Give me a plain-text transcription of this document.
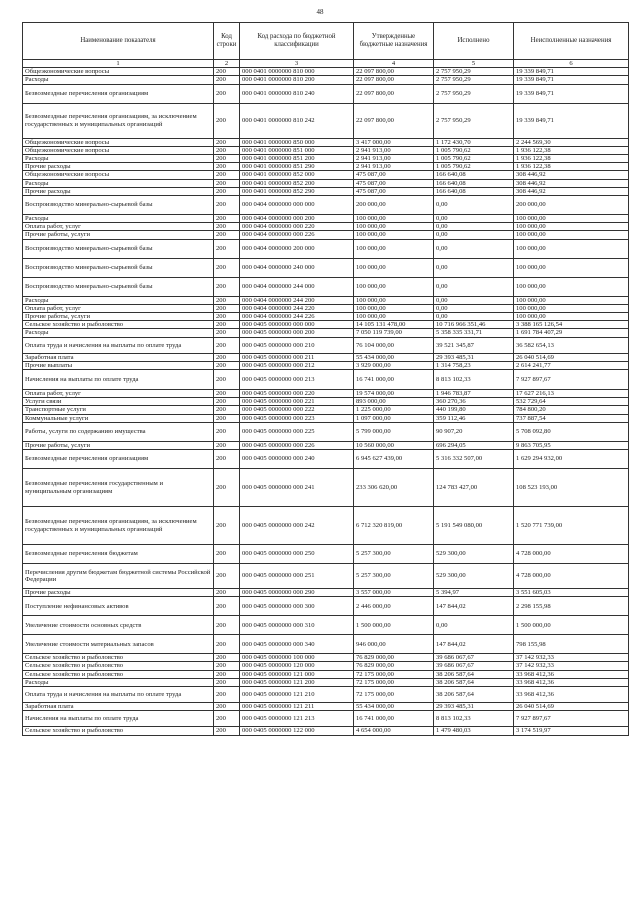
48
Наименование показателя	Код строки	Код расхода по бюджетной классификации	Утвержденные бюджетные назначения	Исполнено	Неисполненные назначения
1	2	3	4	5	6
Общеэкономические вопросы	200	000 0401 0000000 810 000	22 097 800,00	2 757 950,29	19 339 849,71
Расходы	200	000 0401 0000000 810 200	22 097 800,00	2 757 950,29	19 339 849,71
Безвозмездные перечисления организациям	200	000 0401 0000000 810 240	22 097 800,00	2 757 950,29	19 339 849,71
Безвозмездные перечисления организациям, за исключением государственных и муниципальных организаций	200	000 0401 0000000 810 242	22 097 800,00	2 757 950,29	19 339 849,71
Общеэкономические вопросы	200	000 0401 0000000 850 000	3 417 000,00	1 172 430,70	2 244 569,30
Общеэкономические вопросы	200	000 0401 0000000 851 000	2 941 913,00	1 005 790,62	1 936 122,38
Расходы	200	000 0401 0000000 851 200	2 941 913,00	1 005 790,62	1 936 122,38
Прочие расходы	200	000 0401 0000000 851 290	2 941 913,00	1 005 790,62	1 936 122,38
Общеэкономические вопросы	200	000 0401 0000000 852 000	475 087,00	166 640,08	308 446,92
Расходы	200	000 0401 0000000 852 200	475 087,00	166 640,08	308 446,92
Прочие расходы	200	000 0401 0000000 852 290	475 087,00	166 640,08	308 446,92
Воспроизводство минерально-сырьевой базы	200	000 0404 0000000 000 000	200 000,00	0,00	200 000,00
Расходы	200	000 0404 0000000 000 200	100 000,00	0,00	100 000,00
Оплата работ, услуг	200	000 0404 0000000 000 220	100 000,00	0,00	100 000,00
Прочие работы, услуги	200	000 0404 0000000 000 226	100 000,00	0,00	100 000,00
Воспроизводство минерально-сырьевой базы	200	000 0404 0000000 200 000	100 000,00	0,00	100 000,00
Воспроизводство минерально-сырьевой базы	200	000 0404 0000000 240 000	100 000,00	0,00	100 000,00
Воспроизводство минерально-сырьевой базы	200	000 0404 0000000 244 000	100 000,00	0,00	100 000,00
Расходы	200	000 0404 0000000 244 200	100 000,00	0,00	100 000,00
Оплата работ, услуг	200	000 0404 0000000 244 220	100 000,00	0,00	100 000,00
Прочие работы, услуги	200	000 0404 0000000 244 226	100 000,00	0,00	100 000,00
Сельское хозяйство и рыболовство	200	000 0405 0000000 000 000	14 105 131 478,00	10 716 966 351,46	3 388 165 126,54
Расходы	200	000 0405 0000000 000 200	7 050 119 739,00	5 358 335 331,71	1 691 784 407,29
Оплата труда и начисления на выплаты по оплате труда	200	000 0405 0000000 000 210	76 104 000,00	39 521 345,87	36 582 654,13
Заработная плата	200	000 0405 0000000 000 211	55 434 000,00	29 393 485,31	26 040 514,69
Прочие выплаты	200	000 0405 0000000 000 212	3 929 000,00	1 314 758,23	2 614 241,77
Начисления на выплаты по оплате труда	200	000 0405 0000000 000 213	16 741 000,00	8 813 102,33	7 927 897,67
Оплата работ, услуг	200	000 0405 0000000 000 220	19 574 000,00	1 946 783,87	17 627 216,13
Услуги связи	200	000 0405 0000000 000 221	893 000,00	360 270,36	532 729,64
Транспортные услуги	200	000 0405 0000000 000 222	1 225 000,00	440 199,80	784 800,20
Коммунальные услуги	200	000 0405 0000000 000 223	1 097 000,00	359 112,46	737 887,54
Работы, услуги по содержанию имущества	200	000 0405 0000000 000 225	5 799 000,00	90 907,20	5 708 092,80
Прочие работы, услуги	200	000 0405 0000000 000 226	10 560 000,00	696 294,05	9 863 705,95
Безвозмездные перечисления организациям	200	000 0405 0000000 000 240	6 945 627 439,00	5 316 332 507,00	1 629 294 932,00
Безвозмездные перечисления государственным и муниципальным организациям	200	000 0405 0000000 000 241	233 306 620,00	124 783 427,00	108 523 193,00
Безвозмездные перечисления организациям, за исключением государственных и муниципальных организаций	200	000 0405 0000000 000 242	6 712 320 819,00	5 191 549 080,00	1 520 771 739,00
Безвозмездные перечисления бюджетам	200	000 0405 0000000 000 250	5 257 300,00	529 300,00	4 728 000,00
Перечисления другим бюджетам бюджетной системы Российской Федерации	200	000 0405 0000000 000 251	5 257 300,00	529 300,00	4 728 000,00
Прочие расходы	200	000 0405 0000000 000 290	3 557 000,00	5 394,97	3 551 605,03
Поступление нефинансовых активов	200	000 0405 0000000 000 300	2 446 000,00	147 844,02	2 298 155,98
Увеличение стоимости основных средств	200	000 0405 0000000 000 310	1 500 000,00	0,00	1 500 000,00
Увеличение стоимости материальных запасов	200	000 0405 0000000 000 340	946 000,00	147 844,02	798 155,98
Сельское хозяйство и рыболовство	200	000 0405 0000000 100 000	76 829 000,00	39 686 067,67	37 142 932,33
Сельское хозяйство и рыболовство	200	000 0405 0000000 120 000	76 829 000,00	39 686 067,67	37 142 932,33
Сельское хозяйство и рыболовство	200	000 0405 0000000 121 000	72 175 000,00	38 206 587,64	33 968 412,36
Расходы	200	000 0405 0000000 121 200	72 175 000,00	38 206 587,64	33 968 412,36
Оплата труда и начисления на выплаты по оплате труда	200	000 0405 0000000 121 210	72 175 000,00	38 206 587,64	33 968 412,36
Заработная плата	200	000 0405 0000000 121 211	55 434 000,00	29 393 485,31	26 040 514,69
Начисления на выплаты по оплате труда	200	000 0405 0000000 121 213	16 741 000,00	8 813 102,33	7 927 897,67
Сельское хозяйство и рыболовство	200	000 0405 0000000 122 000	4 654 000,00	1 479 480,03	3 174 519,97
